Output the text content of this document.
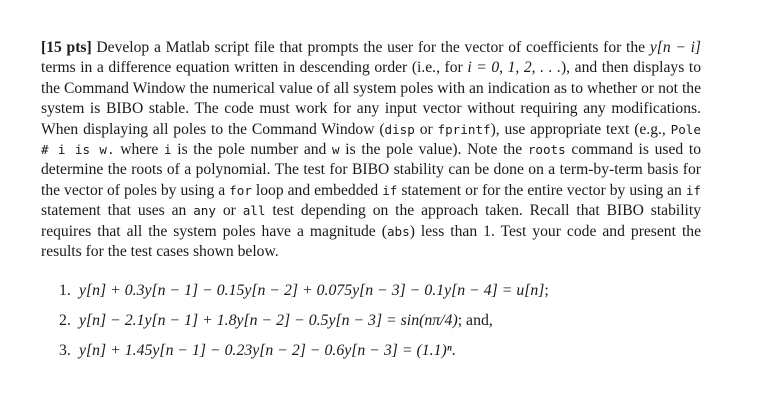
[15 pts] Develop a Matlab script file that prompts the user for the vector of coefficients for the y[n − i] terms in a difference equation written in descending order (i.e., for i = 0, 1, 2, . . .), and then displays to the Command Window the numerical value of all system poles with an indication as to whether or not the system is BIBO stable. The code must work for any input vector without requiring any modifications. When displaying all poles to the Command Window (disp or fprintf), use appropriate text (e.g., Pole # i is w. where i is the pole number and w is the pole value). Note the roots command is used to determine the roots of a polynomial. The test for BIBO stability can be done on a term-by-term basis for the vector of poles by using a for loop and embedded if statement or for the entire vector by using an if statement that uses an any or all test depending on the approach taken. Recall that BIBO stability requires that all the system poles have a magnitude (abs) less than 1. Test your code and present the results for the test cases shown below.

1. y[n] + 0.3y[n − 1] − 0.15y[n − 2] + 0.075y[n − 3] − 0.1y[n − 4] = u[n];
2. y[n] − 2.1y[n − 1] + 1.8y[n − 2] − 0.5y[n − 3] = sin(nπ/4); and,
3. y[n] + 1.45y[n − 1] − 0.23y[n − 2] − 0.6y[n − 3] = (1.1)ⁿ.
